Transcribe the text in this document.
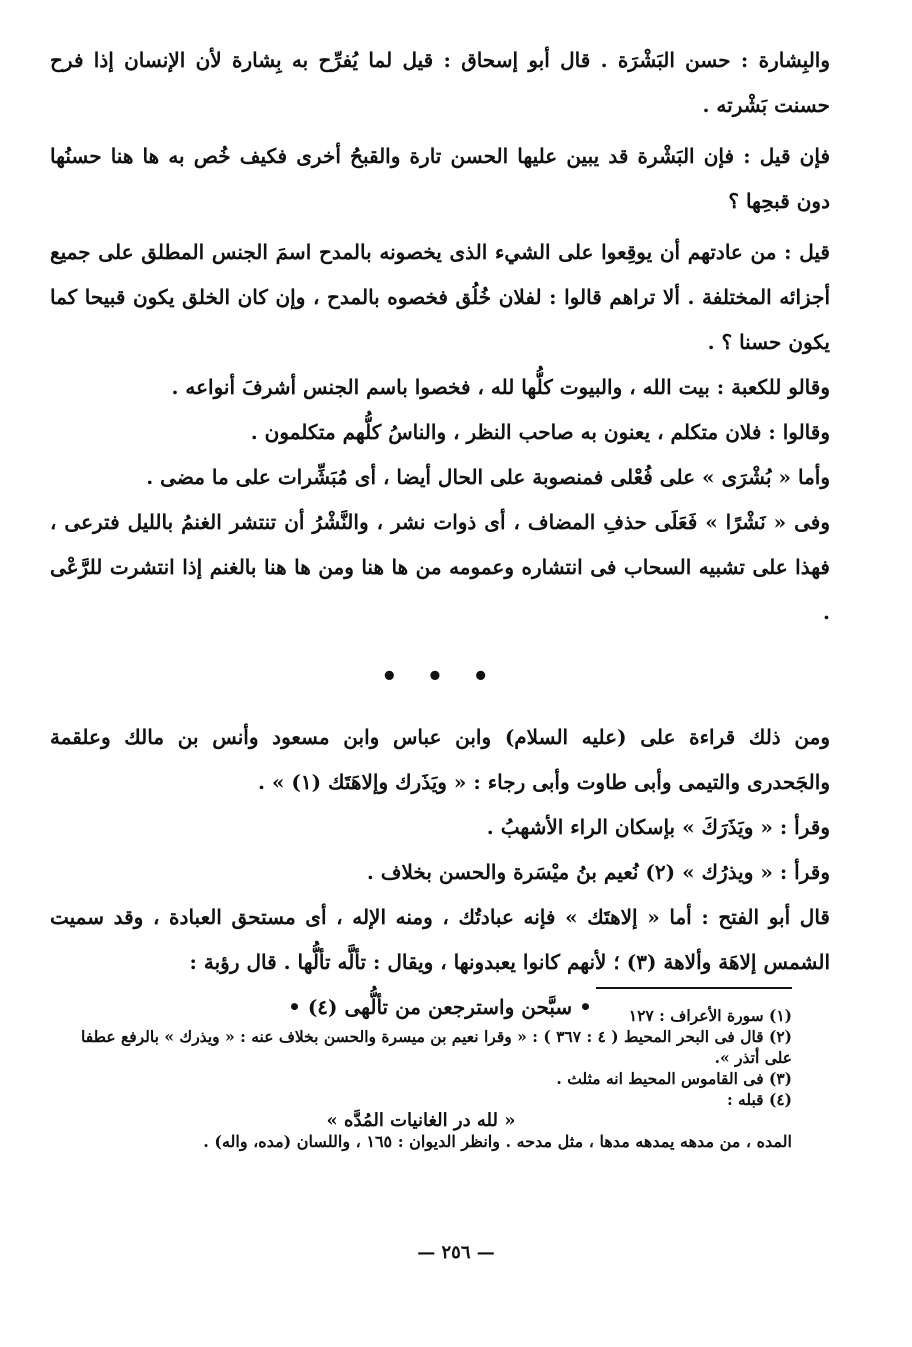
والبِشارة : حسن البَشْرَة . قال أبو إسحاق : قيل لما يُفرِّح به بِشارة لأن الإنسان إذا فرح حسنت بَشْرته .

فإن قيل : فإن البَشْرة قد يبين عليها الحسن تارة والقبحُ أخرى فكيف خُص به ها هنا حسنُها دون قبحِها ؟

قيل : من عادتهم أن يوقِعوا على الشيء الذى يخصونه بالمدح اسمَ الجنس المطلق على جميع أجزائه المختلفة . ألا تراهم قالوا : لفلان خُلُق فخصوه بالمدح ، وإن كان الخلق يكون قبيحا كما يكون حسنا ؟ .

وقالو للكعبة : بيت الله ، والبيوت كلُّها لله ، فخصوا باسم الجنس أشرفَ أنواعه .

وقالوا : فلان متكلم ، يعنون به صاحب النظر ، والناسُ كلُّهم متكلمون .

وأما « بُشْرَى » على فُعْلى فمنصوبة على الحال أيضا ، أى مُبَشِّرات على ما مضى .

وفى « نَشْرًا » فَعَلَى حذفِ المضاف ، أى ذوات نشر ، والنَّشْرُ أن تنتشر الغنمُ بالليل فترعى ، فهذا على تشبيه السحاب فى انتشاره وعمومه من ها هنا ومن ها هنا بالغنم إذا انتشرت للرَّعْى .

• • •

ومن ذلك قراءة على (عليه السلام) وابن عباس وابن مسعود وأنس بن مالك وعلقمة والجَحدرى والتيمى وأبى طاوت وأبى رجاء : « ويَذَرك وإلاهَتَك (١) » .

وقرأ : « ويَذَرَكَ » بإسكان الراء الأشهبُ .

وقرأ : « ويذرُك » (٢) نُعيم بنُ ميْسَرة والحسن بخلاف .

قال أبو الفتح : أما « إلاهتَك » فإنه عبادتُك ، ومنه الإله ، أى مستحق العبادة ، وقد سميت الشمس إلاهَة وألاهة (٣) ؛ لأنهم كانوا يعبدونها ، ويقال : تألَّه تألُّها . قال رؤبة :

• سبَّحن واسترجعن من تألُّهى (٤) •	(١) سورة الأعراف : ١٢٧

(٢) قال فى البحر المحيط ( ٤ : ٣٦٧ ) : « وقرا نعيم بن ميسرة والحسن بخلاف عنه : « ويذرك » بالرفع عطفا على أتذر ».

(٣) فى القاموس المحيط انه مثلث .

(٤) قبله :

« لله در الغانيات المُدَّه »

المده ، من مدهه يمدهه مدها ، مثل مدحه . وانظر الديوان : ١٦٥ ، واللسان (مده، واله) .

— ٢٥٦ —
